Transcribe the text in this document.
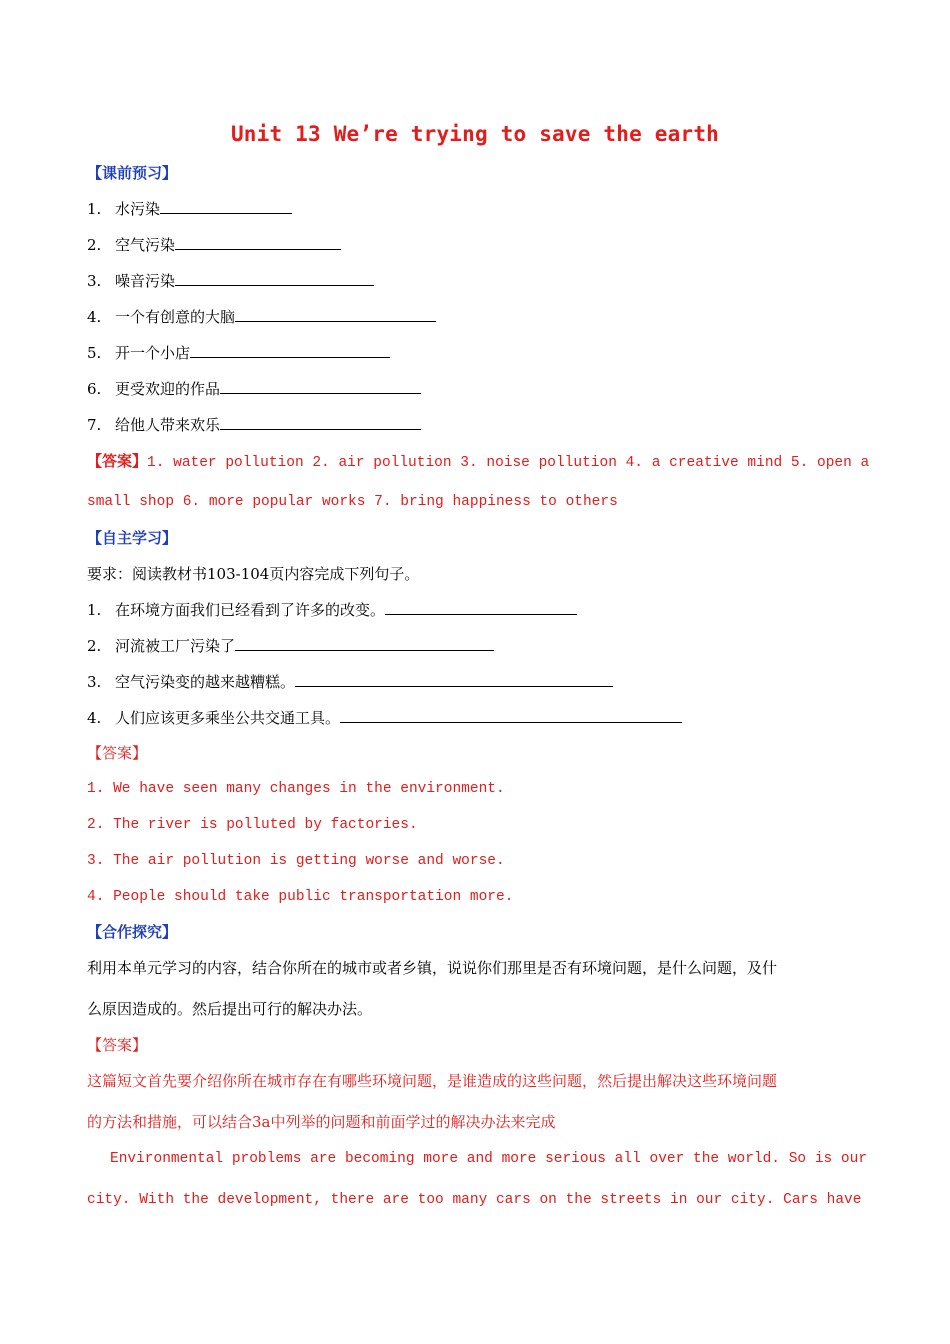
Unit 13 We’re trying to save the earth
【课前预习】
1. 水污染
2. 空气污染
3. 噪音污染
4. 一个有创意的大脑
5. 开一个小店
6. 更受欢迎的作品
7. 给他人带来欢乐
【答案】1. water pollution 2. air pollution 3. noise pollution 4. a creative mind 5. open a
small shop 6. more popular works 7. bring happiness to others
【自主学习】
要求：阅读教材书103-104页内容完成下列句子。
1. 在环境方面我们已经看到了许多的改变。
2. 河流被工厂污染了
3. 空气污染变的越来越糟糕。
4. 人们应该更多乘坐公共交通工具。
【答案】
1. We have seen many changes in the environment.
2. The river is polluted by factories.
3. The air pollution is getting worse and worse.
4. People should take public transportation more.
【合作探究】
利用本单元学习的内容，结合你所在的城市或者乡镇，说说你们那里是否有环境问题，是什么问题，及什
么原因造成的。然后提出可行的解决办法。
【答案】
这篇短文首先要介绍你所在城市存在有哪些环境问题，是谁造成的这些问题，然后提出解决这些环境问题
的方法和措施，可以结合3a中列举的问题和前面学过的解决办法来完成
Environmental problems are becoming more and more serious all over the world. So is our
city. With the development, there are too many cars on the streets in our city. Cars have
